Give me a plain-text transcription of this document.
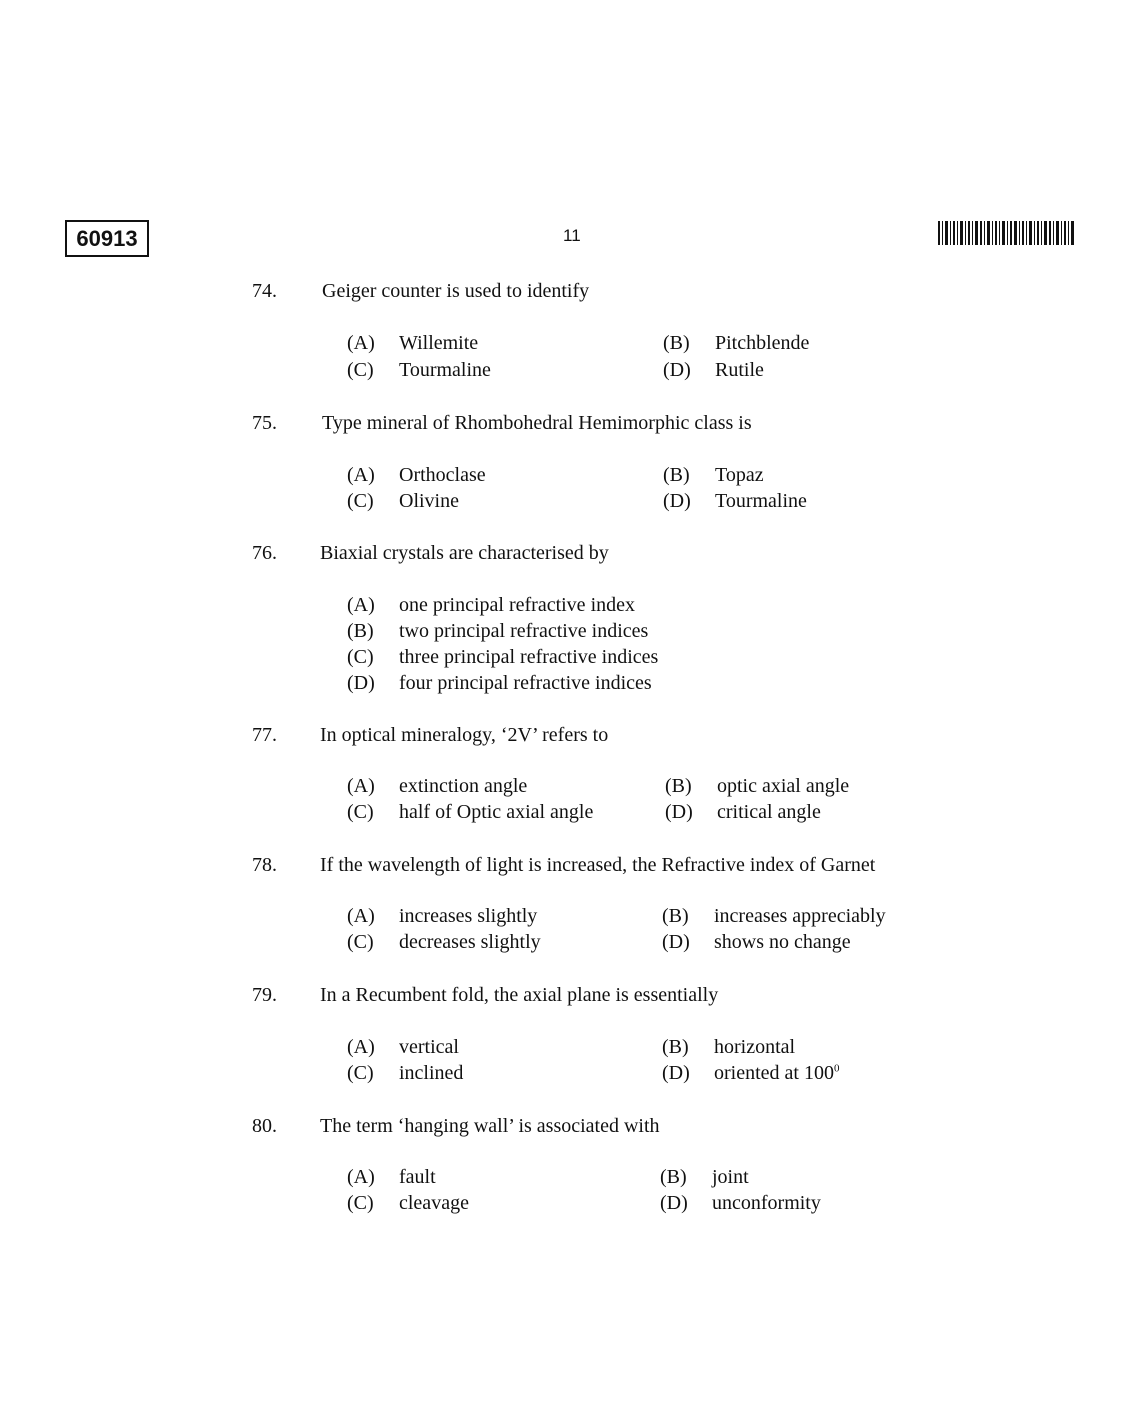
60913	11
74. Geiger counter is used to identify
(A) Willemite	(B) Pitchblende
(C) Tourmaline	(D) Rutile
75. Type mineral of Rhombohedral Hemimorphic class is
(A) Orthoclase	(B) Topaz
(C) Olivine	(D) Tourmaline
76. Biaxial crystals are characterised by
(A) one principal refractive index
(B) two principal refractive indices
(C) three principal refractive indices
(D) four principal refractive indices
77. In optical mineralogy, ‘2V’ refers to
(A) extinction angle	(B) optic axial angle
(C) half of Optic axial angle	(D) critical angle
78. If the wavelength of light is increased, the Refractive index of Garnet
(A) increases slightly	(B) increases appreciably
(C) decreases slightly	(D) shows no change
79. In a Recumbent fold, the axial plane is essentially
(A) vertical	(B) horizontal
(C) inclined	(D) oriented at $100^0$
80. The term ‘hanging wall’ is associated with
(A) fault	(B) joint
(C) cleavage	(D) unconformity
